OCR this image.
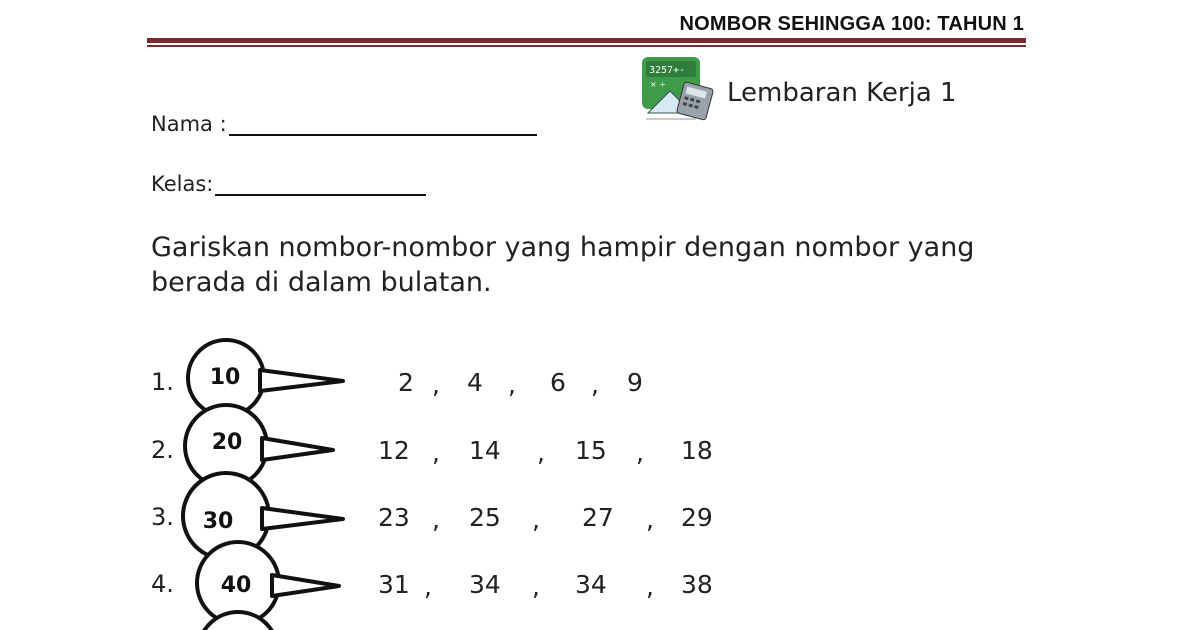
NOMBOR SEHINGGA 100: TAHUN 1
3257+-
× ÷ Lembaran Kerja 1
Nama :
Kelas:
Gariskan nombor-nombor yang hampir dengan nombor yang berada di dalam bulatan.
1.
2.
3.
4.
10
20
30
40
2 , 4 , 6 , 9
12 , 14 , 15 , 18
23 , 25 , 27 , 29
31 , 34 , 34 , 38
